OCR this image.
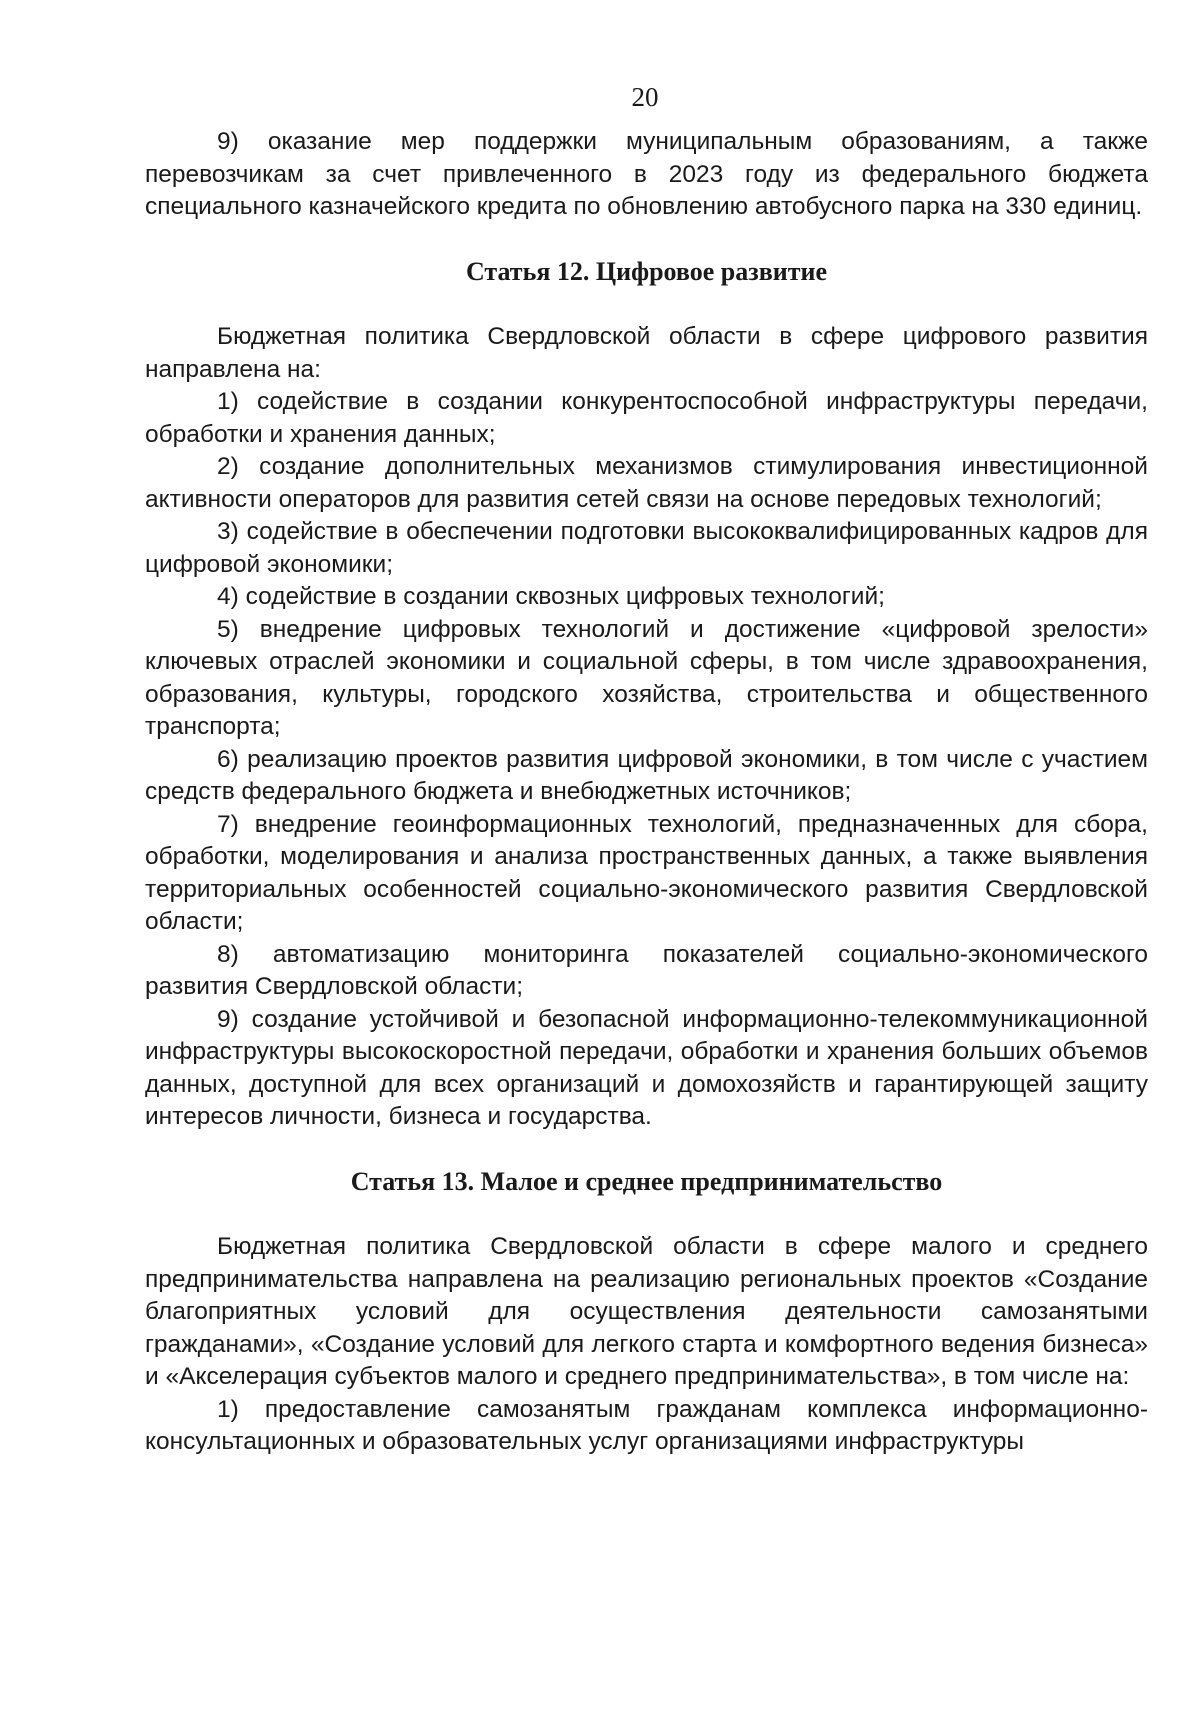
20

9) оказание мер поддержки муниципальным образованиям, а также перевозчикам за счет привлеченного в 2023 году из федерального бюджета специального казначейского кредита по обновлению автобусного парка на 330 единиц.

Статья 12. Цифровое развитие

Бюджетная политика Свердловской области в сфере цифрового развития направлена на:

1) содействие в создании конкурентоспособной инфраструктуры передачи, обработки и хранения данных;

2) создание дополнительных механизмов стимулирования инвестиционной активности операторов для развития сетей связи на основе передовых технологий;

3) содействие в обеспечении подготовки высококвалифицированных кадров для цифровой экономики;

4) содействие в создании сквозных цифровых технологий;

5) внедрение цифровых технологий и достижение «цифровой зрелости» ключевых отраслей экономики и социальной сферы, в том числе здравоохранения, образования, культуры, городского хозяйства, строительства и общественного транспорта;

6) реализацию проектов развития цифровой экономики, в том числе с участием средств федерального бюджета и внебюджетных источников;

7) внедрение геоинформационных технологий, предназначенных для сбора, обработки, моделирования и анализа пространственных данных, а также выявления территориальных особенностей социально-экономического развития Свердловской области;

8) автоматизацию мониторинга показателей социально-экономического развития Свердловской области;

9) создание устойчивой и безопасной информационно-телекоммуникационной инфраструктуры высокоскоростной передачи, обработки и хранения больших объемов данных, доступной для всех организаций и домохозяйств и гарантирующей защиту интересов личности, бизнеса и государства.

Статья 13. Малое и среднее предпринимательство

Бюджетная политика Свердловской области в сфере малого и среднего предпринимательства направлена на реализацию региональных проектов «Создание благоприятных условий для осуществления деятельности самозанятыми гражданами», «Создание условий для легкого старта и комфортного ведения бизнеса» и «Акселерация субъектов малого и среднего предпринимательства», в том числе на:

1) предоставление самозанятым гражданам комплекса информационно-консультационных и образовательных услуг организациями инфраструктуры
